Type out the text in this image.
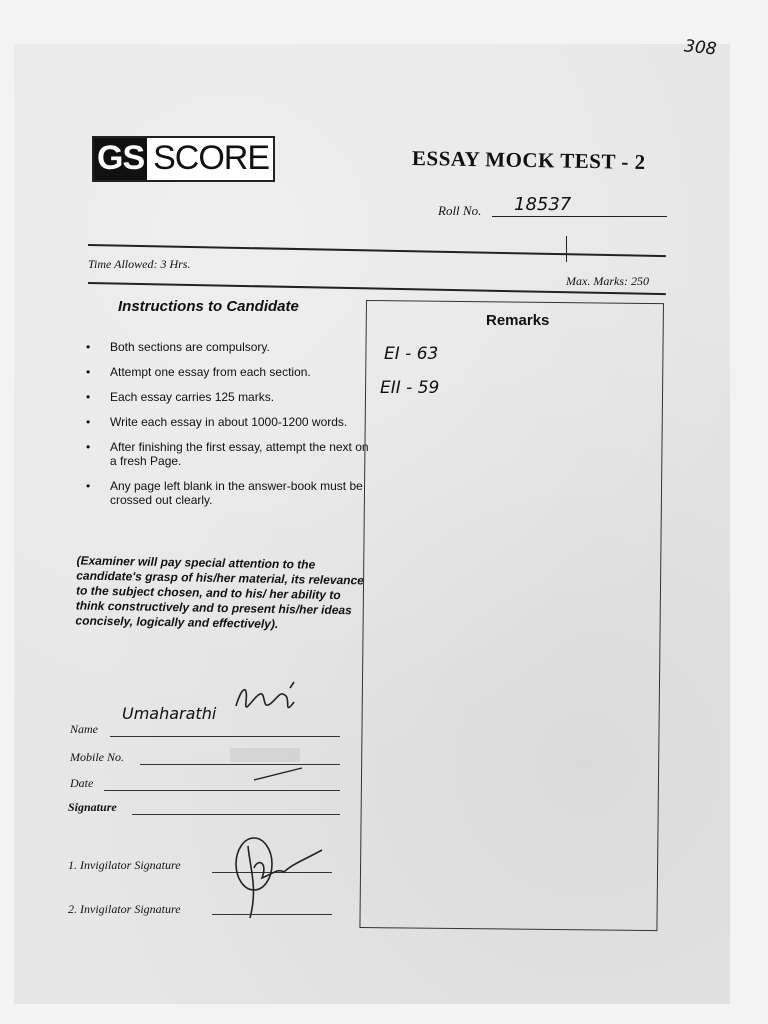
308
GS SCORE	ESSAY MOCK TEST - 2
Roll No. 18537
Time Allowed: 3 Hrs.
Max. Marks: 250
Instructions to Candidate
• Both sections are compulsory.
• Attempt one essay from each section.
• Each essay carries 125 marks.
• Write each essay in about 1000-1200 words.
• After finishing the first essay, attempt the next on a fresh Page.
• Any page left blank in the answer-book must be crossed out clearly.
(Examiner will pay special attention to the candidate's grasp of his/her material, its relevance to the subject chosen, and to his/ her ability to think constructively and to present his/her ideas concisely, logically and effectively).
Remarks
EI - 63
EII - 59
Name
Umaharathi
Mobile No.
Date
Signature
1. Invigilator Signature
2. Invigilator Signature
